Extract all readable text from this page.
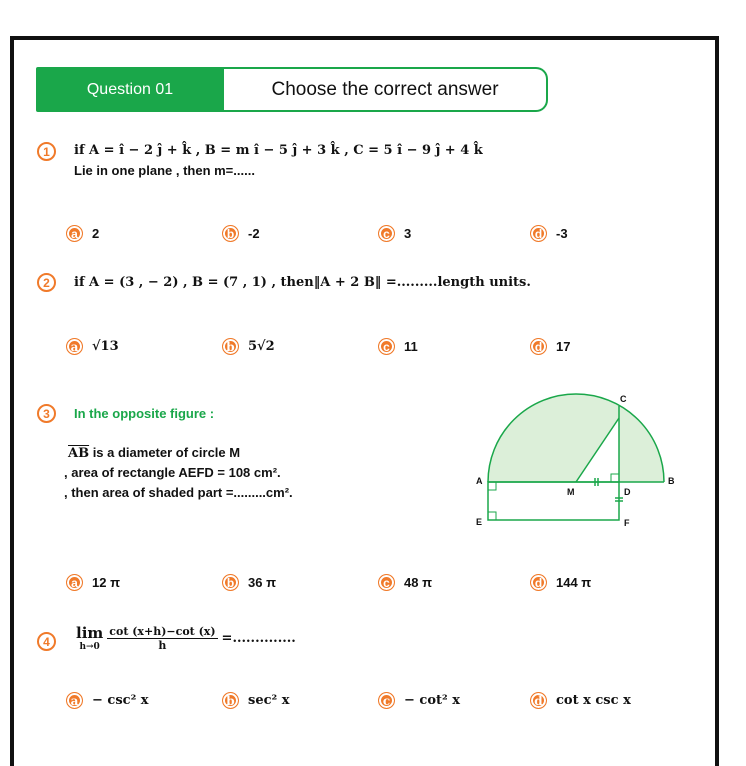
Question 01	Choose the correct answer
1	if A = î − 2 ĵ + k̂ , B = m î − 5 ĵ + 3 k̂ , C = 5 î − 9 ĵ + 4 k̂
Lie in one plane , then m=......
a	2	b	-2	c	3	d	-3
2	if A = (3 , − 2) , B = (7 , 1) , then‖A + 2 B‖ =.........length units.
a	√13	b	5√2	c	11	d	17
3	In the opposite figure :
$\overline{AB}$ is a diameter of circle M
, area of rectangle AEFD = 108 cm².
, then area of shaded part =.........cm².
A	B
C
D
E	F
M
a	12 π	b	36 π	c	48 π	d	144 π
4	lim
$h\to 0 \frac{\cot (x+h)-\cot (x)}{h}$ =..............
a	− csc² x	b	sec² x	c	− cot² x	d	cot x csc x
